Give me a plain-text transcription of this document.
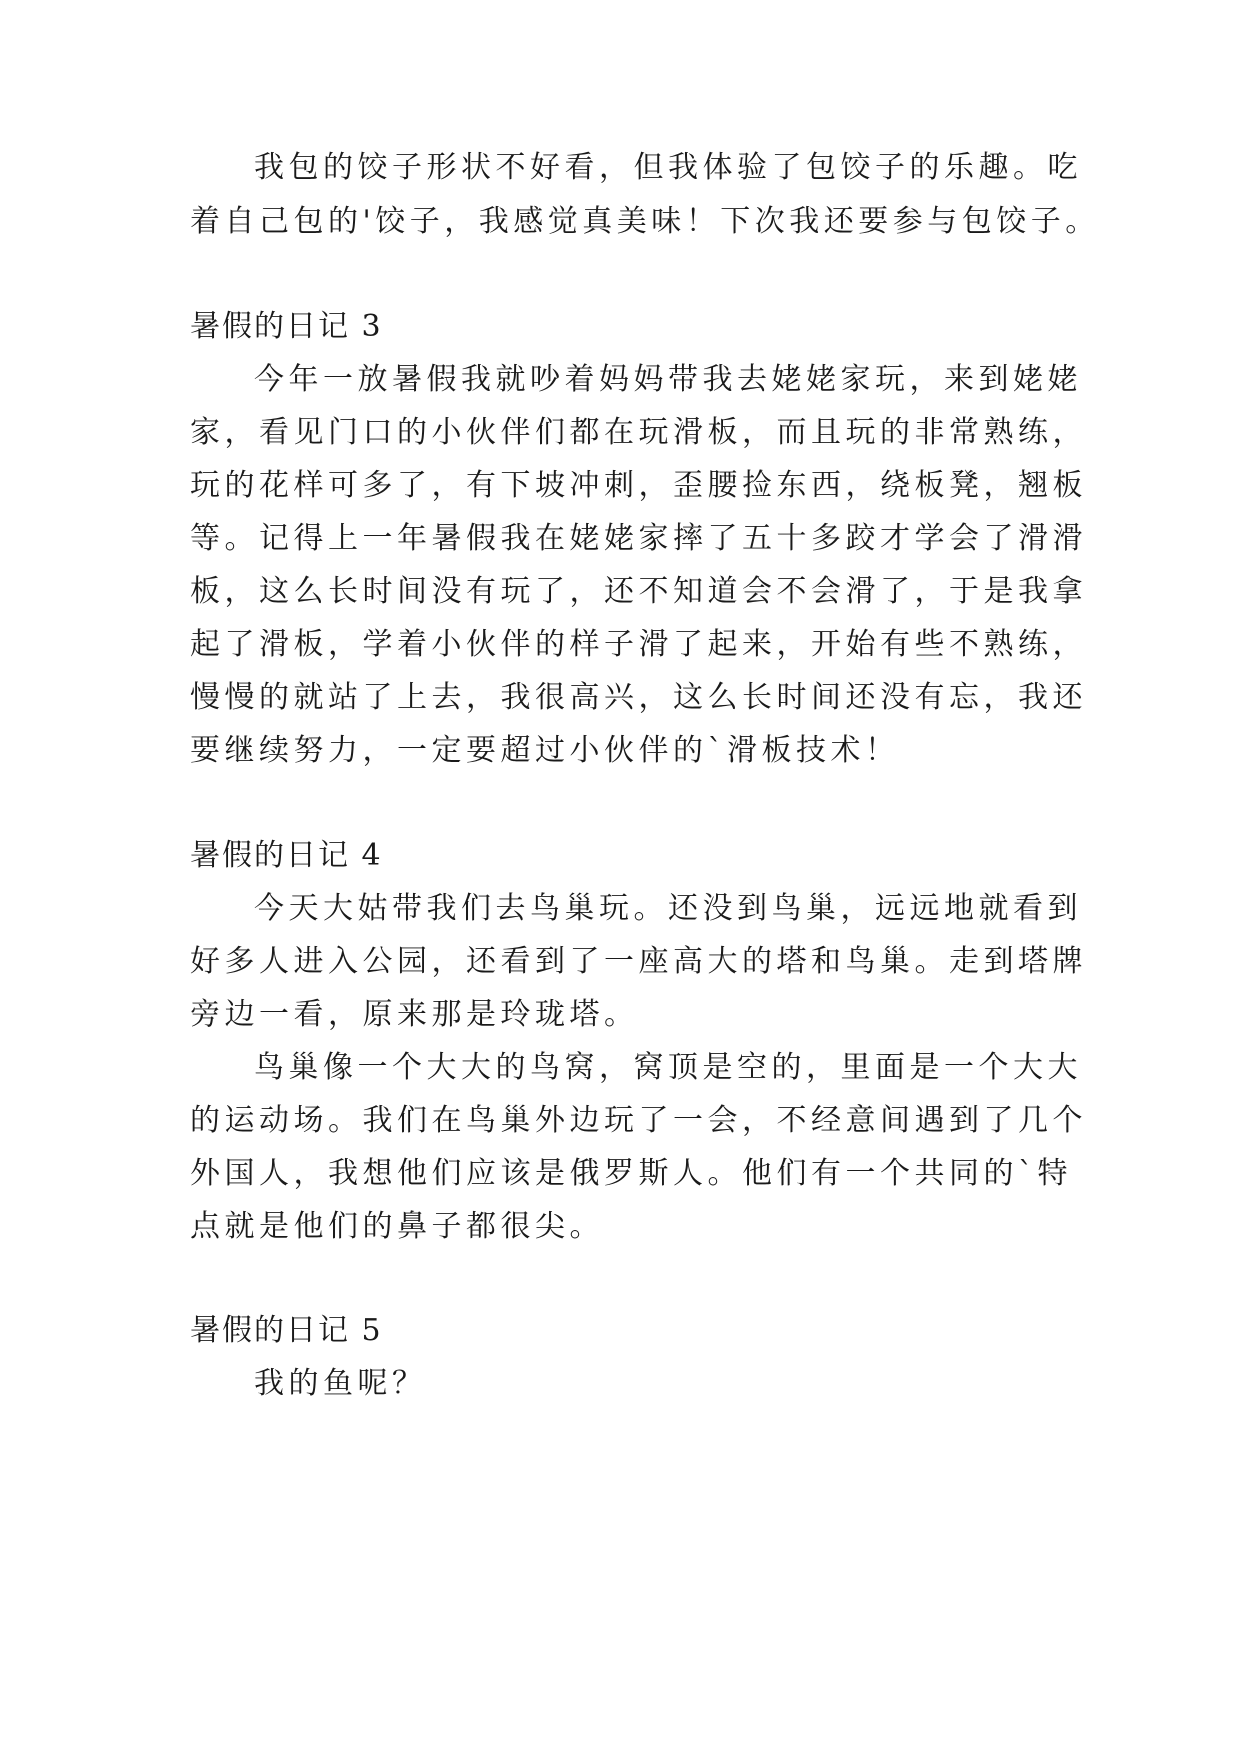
我包的饺子形状不好看，但我体验了包饺子的乐趣。吃
着自己包的'饺子，我感觉真美味！下次我还要参与包饺子。
暑假的日记 3
今年一放暑假我就吵着妈妈带我去姥姥家玩，来到姥姥
家，看见门口的小伙伴们都在玩滑板，而且玩的非常熟练，
玩的花样可多了，有下坡冲刺，歪腰捡东西，绕板凳，翘板
等。记得上一年暑假我在姥姥家摔了五十多跤才学会了滑滑
板，这么长时间没有玩了，还不知道会不会滑了，于是我拿
起了滑板，学着小伙伴的样子滑了起来，开始有些不熟练，
慢慢的就站了上去，我很高兴，这么长时间还没有忘，我还
要继续努力，一定要超过小伙伴的`滑板技术！
暑假的日记 4
今天大姑带我们去鸟巢玩。还没到鸟巢，远远地就看到
好多人进入公园，还看到了一座高大的塔和鸟巢。走到塔牌
旁边一看，原来那是玲珑塔。
鸟巢像一个大大的鸟窝，窝顶是空的，里面是一个大大
的运动场。我们在鸟巢外边玩了一会，不经意间遇到了几个
外国人，我想他们应该是俄罗斯人。他们有一个共同的`特
点就是他们的鼻子都很尖。
暑假的日记 5
我的鱼呢？
